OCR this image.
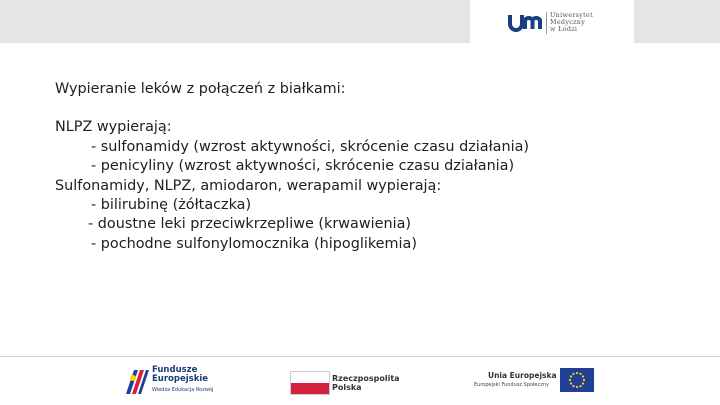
Uniwersytet
Medyczny
w Łodzi
Wypieranie leków z połączeń z białkami:
NLPZ wypierają:
- sulfonamidy (wzrost aktywności, skrócenie czasu działania)
- penicyliny (wzrost aktywności, skrócenie czasu działania)
Sulfonamidy, NLPZ, amiodaron, werapamil wypierają:
- bilirubinę (żółtaczka)
- doustne leki przeciwkrzepliwe (krwawienia)
- pochodne sulfonylomocznika (hipoglikemia)
Fundusze
Europejskie
Wiedza Edukacja Rozwój
Rzeczpospolita
Polska
Unia Europejska
Europejski Fundusz Społeczny
